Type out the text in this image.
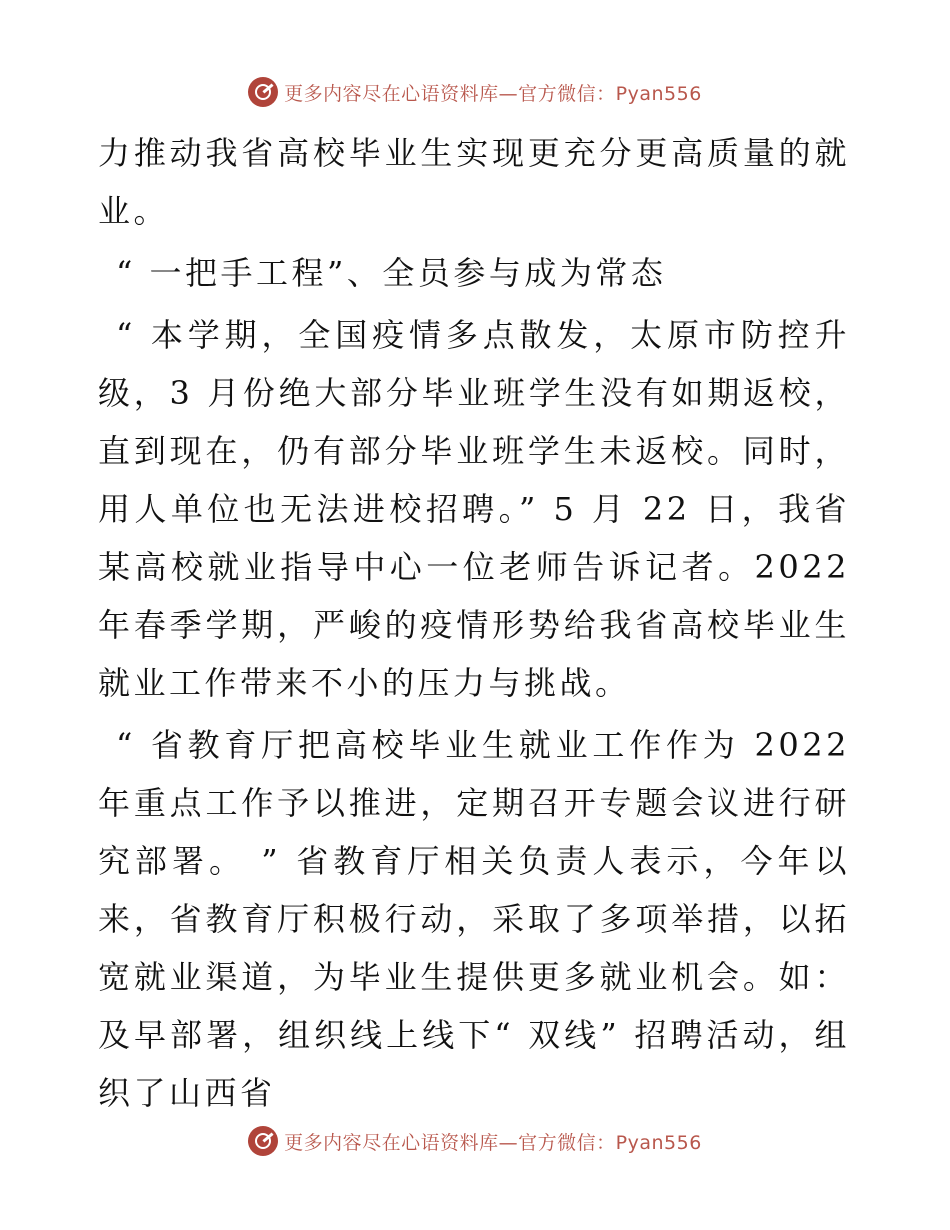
更多内容尽在心语资料库—官方微信：Pyan556

力推动我省高校毕业生实现更充分更高质量的就业。

“ 一把手工程”、全员参与成为常态

“ 本学期，全国疫情多点散发，太原市防控升级，3 月份绝大部分毕业班学生没有如期返校，直到现在，仍有部分毕业班学生未返校。同时，用人单位也无法进校招聘。” 5 月 22 日，我省某高校就业指导中心一位老师告诉记者。2022 年春季学期，严峻的疫情形势给我省高校毕业生就业工作带来不小的压力与挑战。

“ 省教育厅把高校毕业生就业工作作为 2022 年重点工作予以推进，定期召开专题会议进行研究部署。 ” 省教育厅相关负责人表示，今年以来，省教育厅积极行动，采取了多项举措，以拓宽就业渠道，为毕业生提供更多就业机会。如：及早部署，组织线上线下“ 双线” 招聘活动，组织了山西省

更多内容尽在心语资料库—官方微信：Pyan556
